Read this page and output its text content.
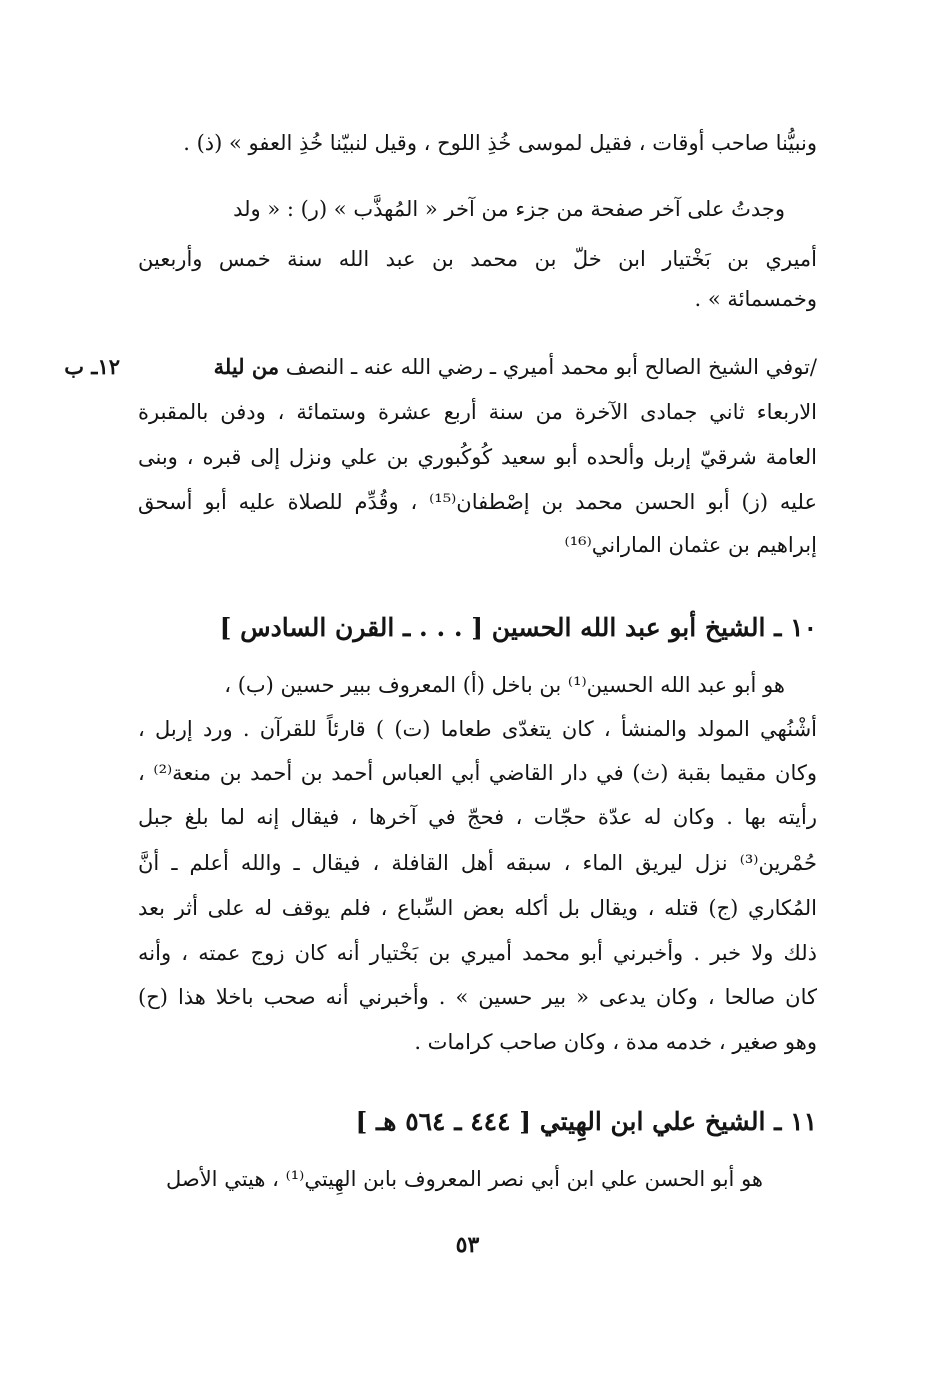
ونبيُّنا صاحب أوقات ، فقيل لموسى خُذِ اللوح ، وقيل لنبيّنا خُذِ العفو » (ذ) .
وجدتُ على آخر صفحة من جزء من آخر « المُهذَّب » (ر) : « ولد
أميري بن بَخْتيار ابن خلّ بن محمد بن عبد الله سنة خمس وأربعين
وخمسمائة » .
١٢ـ ب	/توفي الشيخ الصالح أبو محمد أميري ـ رضي الله عنه ـ النصف من ليلة
الاربعاء ثاني جمادى الآخرة من سنة أربع عشرة وستمائة ، ودفن بالمقبرة
العامة شرقيّ إربل وألحده أبو سعيد كُوكُبوري بن علي ونزل إلى قبره ، وبنى
عليه (ز) أبو الحسن محمد بن إصْطفان⁽¹⁵⁾ ، وقُدِّم للصلاة عليه أبو أسحق
إبراهيم بن عثمان الماراني⁽¹⁶⁾
١٠ ـ الشيخ أبو عبد الله الحسين [ . . . ـ القرن السادس ]
هو أبو عبد الله الحسين⁽¹⁾ بن باخل (أ) المعروف ببير حسين (ب) ،
أشْنُهي المولد والمنشأ ، كان يتغدّى طعاما (ت) ) قارئاً للقرآن . ورد إربل ،
وكان مقيما بقبة (ث) في دار القاضي أبي العباس أحمد بن أحمد بن منعة⁽²⁾ ،
رأيته بها . وكان له عدّة حجّات ، فحجّ في آخرها ، فيقال إنه لما بلغ جبل
حُمْرين⁽³⁾ نزل ليريق الماء ، سبقه أهل القافلة ، فيقال ـ والله أعلم ـ أنَّ
المُكاري (ج) قتله ، ويقال بل أكله بعض السِّباع ، فلم يوقف له على أثر بعد
ذلك ولا خبر . وأخبرني أبو محمد أميري بن بَخْتيار أنه كان زوج عمته ، وأنه
كان صالحا ، وكان يدعى « بير حسين » . وأخبرني أنه صحب باخلا هذا (ح)
وهو صغير ، خدمه مدة ، وكان صاحب كرامات .
١١ ـ الشيخ علي ابن الهِيتي [ ٤٤٤ ـ ٥٦٤ هـ ]
هو أبو الحسن علي ابن أبي نصر المعروف بابن الهِيتي⁽¹⁾ ، هيتي الأصل
٥٣
